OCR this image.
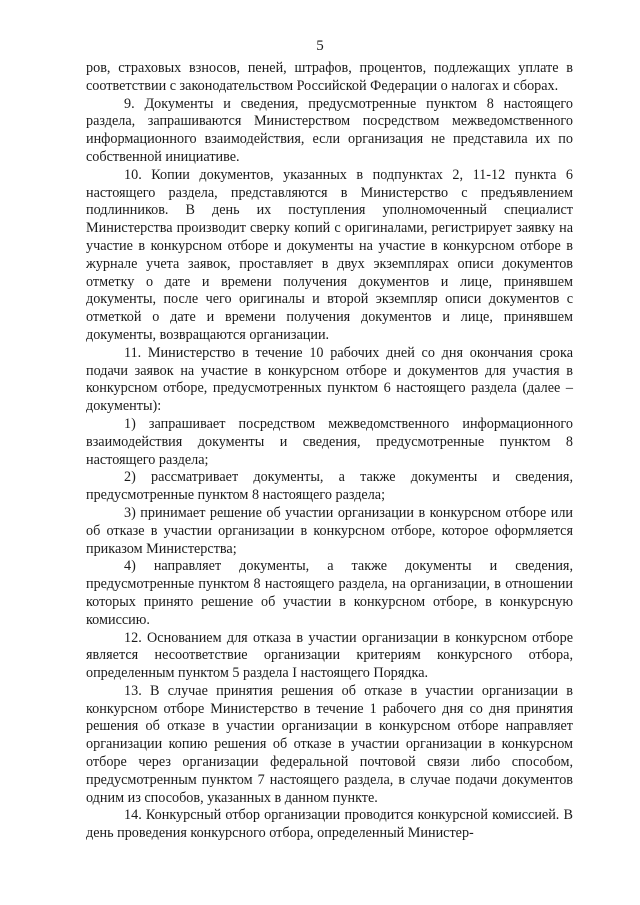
5

ров, страховых взносов, пеней, штрафов, процентов, подлежащих уплате в соответствии с законодательством Российской Федерации о налогах и сборах.

9. Документы и сведения, предусмотренные пунктом 8 настоящего раздела, запрашиваются Министерством посредством межведомственного информационного взаимодействия, если организация не представила их по собственной инициативе.

10. Копии документов, указанных в подпунктах 2, 11-12 пункта 6 настоящего раздела, представляются в Министерство с предъявлением подлинников. В день их поступления уполномоченный специалист Министерства производит сверку копий с оригиналами, регистрирует заявку на участие в конкурсном отборе и документы на участие в конкурсном отборе в журнале учета заявок, проставляет в двух экземплярах описи документов отметку о дате и времени получения документов и лице, принявшем документы, после чего оригиналы и второй экземпляр описи документов с отметкой о дате и времени получения документов и лице, принявшем документы, возвращаются организации.

11. Министерство в течение 10 рабочих дней со дня окончания срока подачи заявок на участие в конкурсном отборе и документов для участия в конкурсном отборе, предусмотренных пунктом 6 настоящего раздела (далее – документы):

1) запрашивает посредством межведомственного информационного взаимодействия документы и сведения, предусмотренные пунктом 8 настоящего раздела;

2) рассматривает документы, а также документы и сведения, предусмотренные пунктом 8 настоящего раздела;

3) принимает решение об участии организации в конкурсном отборе или об отказе в участии организации в конкурсном отборе, которое оформляется приказом Министерства;

4) направляет документы, а также документы и сведения, предусмотренные пунктом 8 настоящего раздела, на организации, в отношении которых принято решение об участии в конкурсном отборе, в конкурсную комиссию.

12. Основанием для отказа в участии организации в конкурсном отборе является несоответствие организации критериям конкурсного отбора, определенным пунктом 5 раздела I настоящего Порядка.

13. В случае принятия решения об отказе в участии организации в конкурсном отборе Министерство в течение 1 рабочего дня со дня принятия решения об отказе в участии организации в конкурсном отборе направляет организации копию решения об отказе в участии организации в конкурсном отборе через организации федеральной почтовой связи либо способом, предусмотренным пунктом 7 настоящего раздела, в случае подачи документов одним из способов, указанных в данном пункте.

14. Конкурсный отбор организации проводится конкурсной комиссией. В день проведения конкурсного отбора, определенный Министер-
